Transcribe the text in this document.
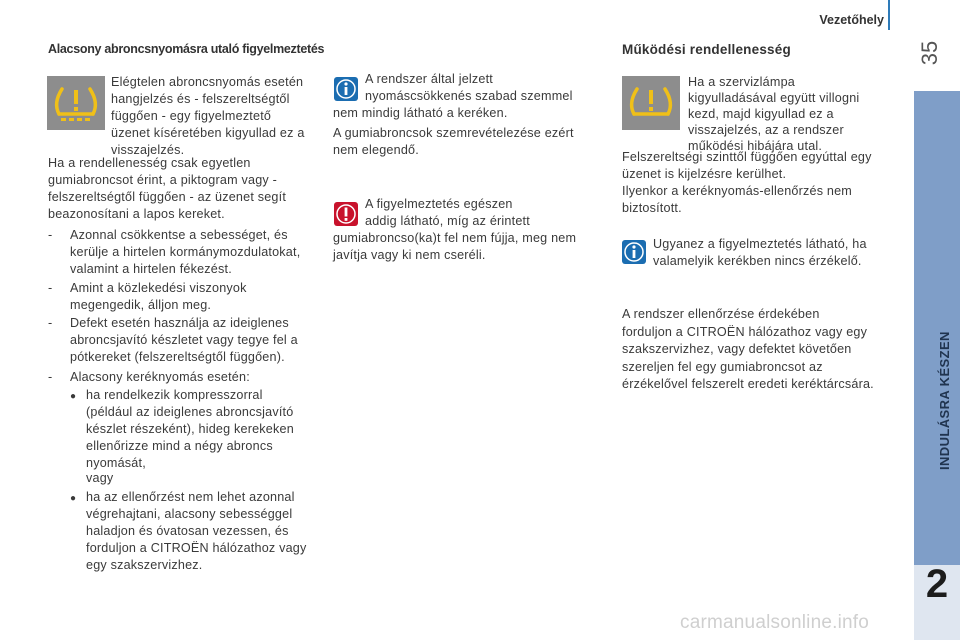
Vezetőhely
35
INDULÁSRA KÉSZEN
2
Alacsony abroncsnyomásra utaló figyelmeztetés
Elégtelen abroncsnyomás esetén
hangjelzés és - felszereltségtől
függően - egy figyelmeztető
üzenet kíséretében kigyullad ez a
visszajelzés.
Ha a rendellenesség csak egyetlen
gumiabroncsot érint, a piktogram vagy -
felszereltségtől függően - az üzenet segít
beazonosítani a lapos kereket.
-	Azonnal csökkentse a sebességet, és
kerülje a hirtelen kormánymozdulatokat,
valamint a hirtelen fékezést.
-	Amint a közlekedési viszonyok
megengedik, álljon meg.
-	Defekt esetén használja az ideiglenes
abroncsjavító készletet vagy tegye fel a
pótkereket (felszereltségtől függően).
-	Alacsony keréknyomás esetén:
● ha rendelkezik kompresszorral
(például az ideiglenes abroncsjavító
készlet részeként), hideg kerekeken
ellenőrizze mind a négy abroncs
nyomását,
vagy
● ha az ellenőrzést nem lehet azonnal
végrehajtani, alacsony sebességgel
haladjon és óvatosan vezessen, és
forduljon a CITROËN hálózathoz vagy
egy szakszervizhez.
A rendszer által jelzett
nyomáscsökkenés szabad szemmel
nem mindig látható a keréken.
A gumiabroncsok szemrevételezése ezért
nem elegendő.
A figyelmeztetés egészen
addig látható, míg az érintett
gumiabroncso(ka)t fel nem fújja, meg nem
javítja vagy ki nem cseréli.
Működési rendellenesség
Ha a szervizlámpa
kigyulladásával együtt villogni
kezd, majd kigyullad ez a
visszajelzés, az a rendszer
működési hibájára utal.
Felszereltségi szinttől függően egyúttal egy
üzenet is kijelzésre kerülhet.
Ilyenkor a keréknyomás-ellenőrzés nem
biztosított.
Ugyanez a figyelmeztetés látható, ha
valamelyik kerékben nincs érzékelő.
A rendszer ellenőrzése érdekében
forduljon a CITROËN hálózathoz vagy egy
szakszervizhez, vagy defektet követően
szereljen fel egy gumiabroncsot az
érzékelővel felszerelt eredeti keréktárcsára.
carmanualsonline.info
